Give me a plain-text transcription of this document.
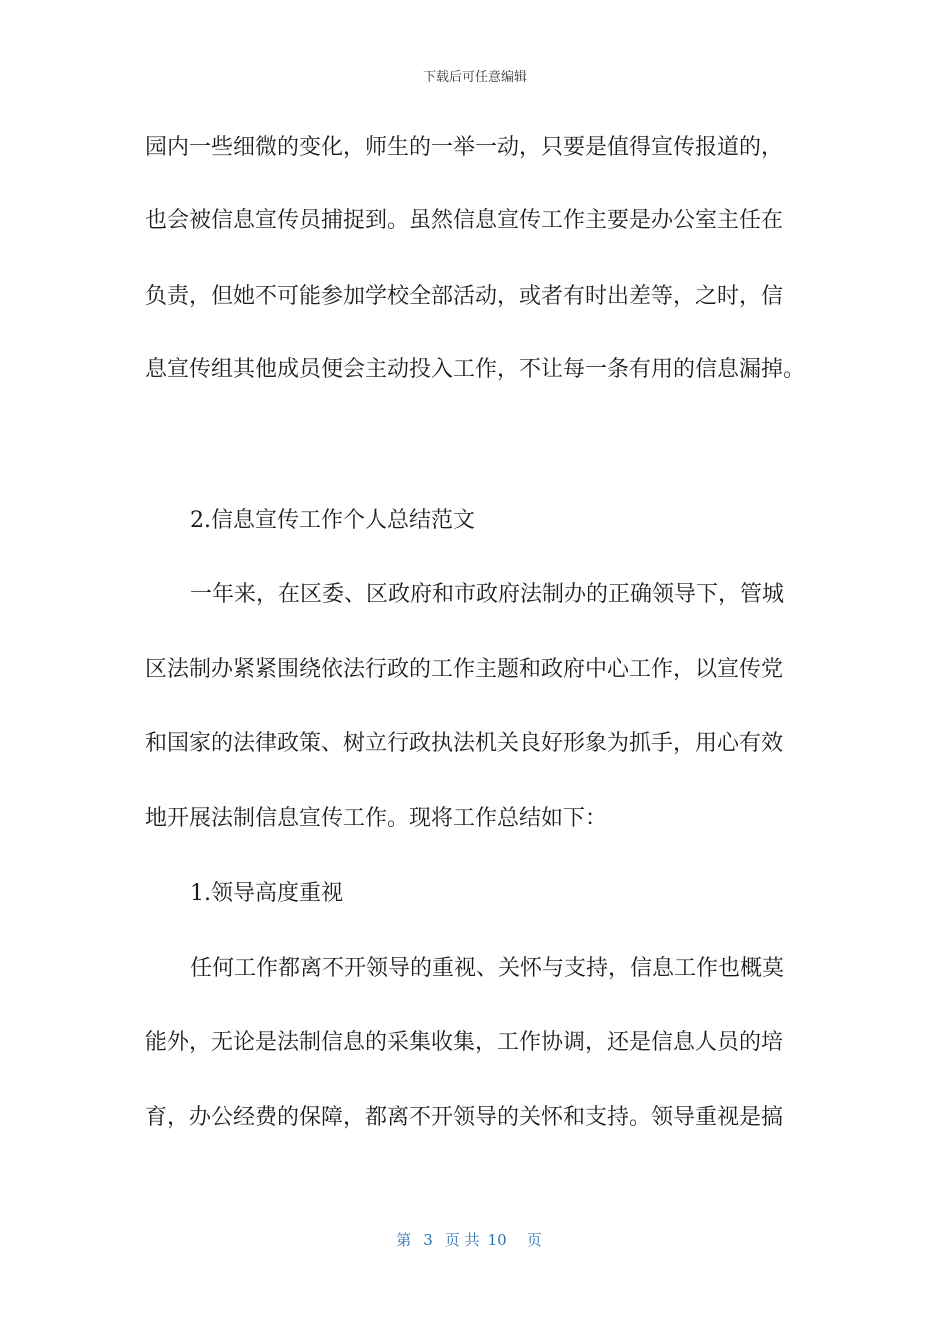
下载后可任意编辑
园内一些细微的变化，师生的一举一动，只要是值得宣传报道的，
也会被信息宣传员捕捉到。虽然信息宣传工作主要是办公室主任在
负责，但她不可能参加学校全部活动，或者有时出差等，之时，信
息宣传组其他成员便会主动投入工作，不让每一条有用的信息漏掉。
2.信息宣传工作个人总结范文
一年来，在区委、区政府和市政府法制办的正确领导下，管城
区法制办紧紧围绕依法行政的工作主题和政府中心工作，以宣传党
和国家的法律政策、树立行政执法机关良好形象为抓手，用心有效
地开展法制信息宣传工作。现将工作总结如下：
1.领导高度重视
任何工作都离不开领导的重视、关怀与支持，信息工作也概莫
能外，无论是法制信息的采集收集，工作协调，还是信息人员的培
育，办公经费的保障，都离不开领导的关怀和支持。领导重视是搞
第 3 页 共 10 页
